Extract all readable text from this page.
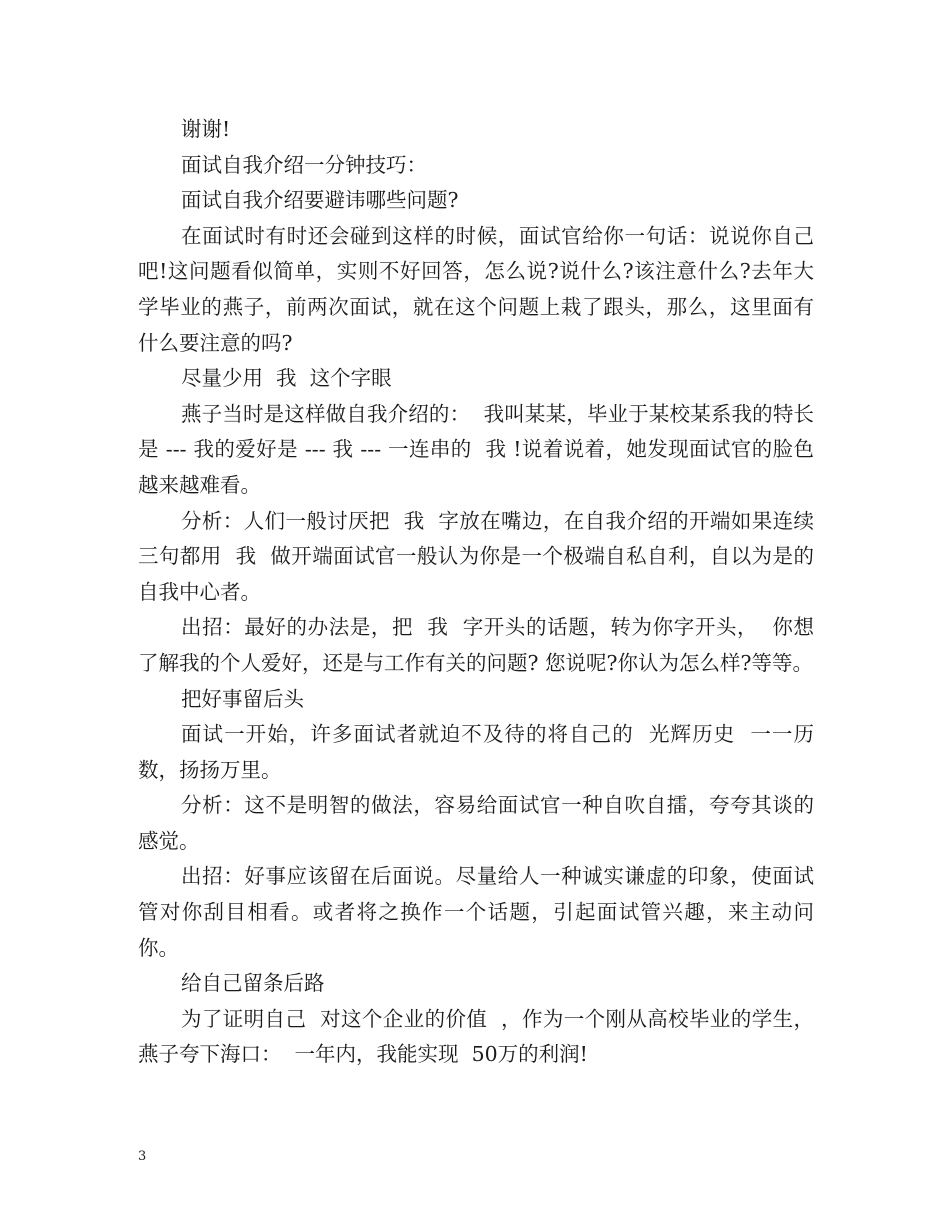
谢谢!

面试自我介绍一分钟技巧：

面试自我介绍要避讳哪些问题?

在面试时有时还会碰到这样的时候，面试官给你一句话：说说你自己吧!这问题看似简单，实则不好回答，怎么说?说什么?该注意什么?去年大学毕业的燕子，前两次面试，就在这个问题上栽了跟头，那么，这里面有什么要注意的吗?

尽量少用  我  这个字眼

燕子当时是这样做自我介绍的：  我叫某某，毕业于某校某系我的特长是 --- 我的爱好是 --- 我 --- 一连串的  我 !说着说着，她发现面试官的脸色越来越难看。

分析：人们一般讨厌把  我  字放在嘴边，在自我介绍的开端如果连续三句都用  我  做开端面试官一般认为你是一个极端自私自利，自以为是的自我中心者。

出招：最好的办法是，把  我  字开头的话题，转为你字开头，  你想了解我的个人爱好，还是与工作有关的问题? 您说呢?你认为怎么样?等等。

把好事留后头

面试一开始，许多面试者就迫不及待的将自己的  光辉历史  一一历数，扬扬万里。

分析：这不是明智的做法，容易给面试官一种自吹自擂，夸夸其谈的感觉。

出招：好事应该留在后面说。尽量给人一种诚实谦虚的印象，使面试管对你刮目相看。或者将之换作一个话题，引起面试管兴趣，来主动问你。

给自己留条后路

为了证明自己  对这个企业的价值  ，作为一个刚从高校毕业的学生，燕子夸下海口：  一年内，我能实现  50万的利润!

3
